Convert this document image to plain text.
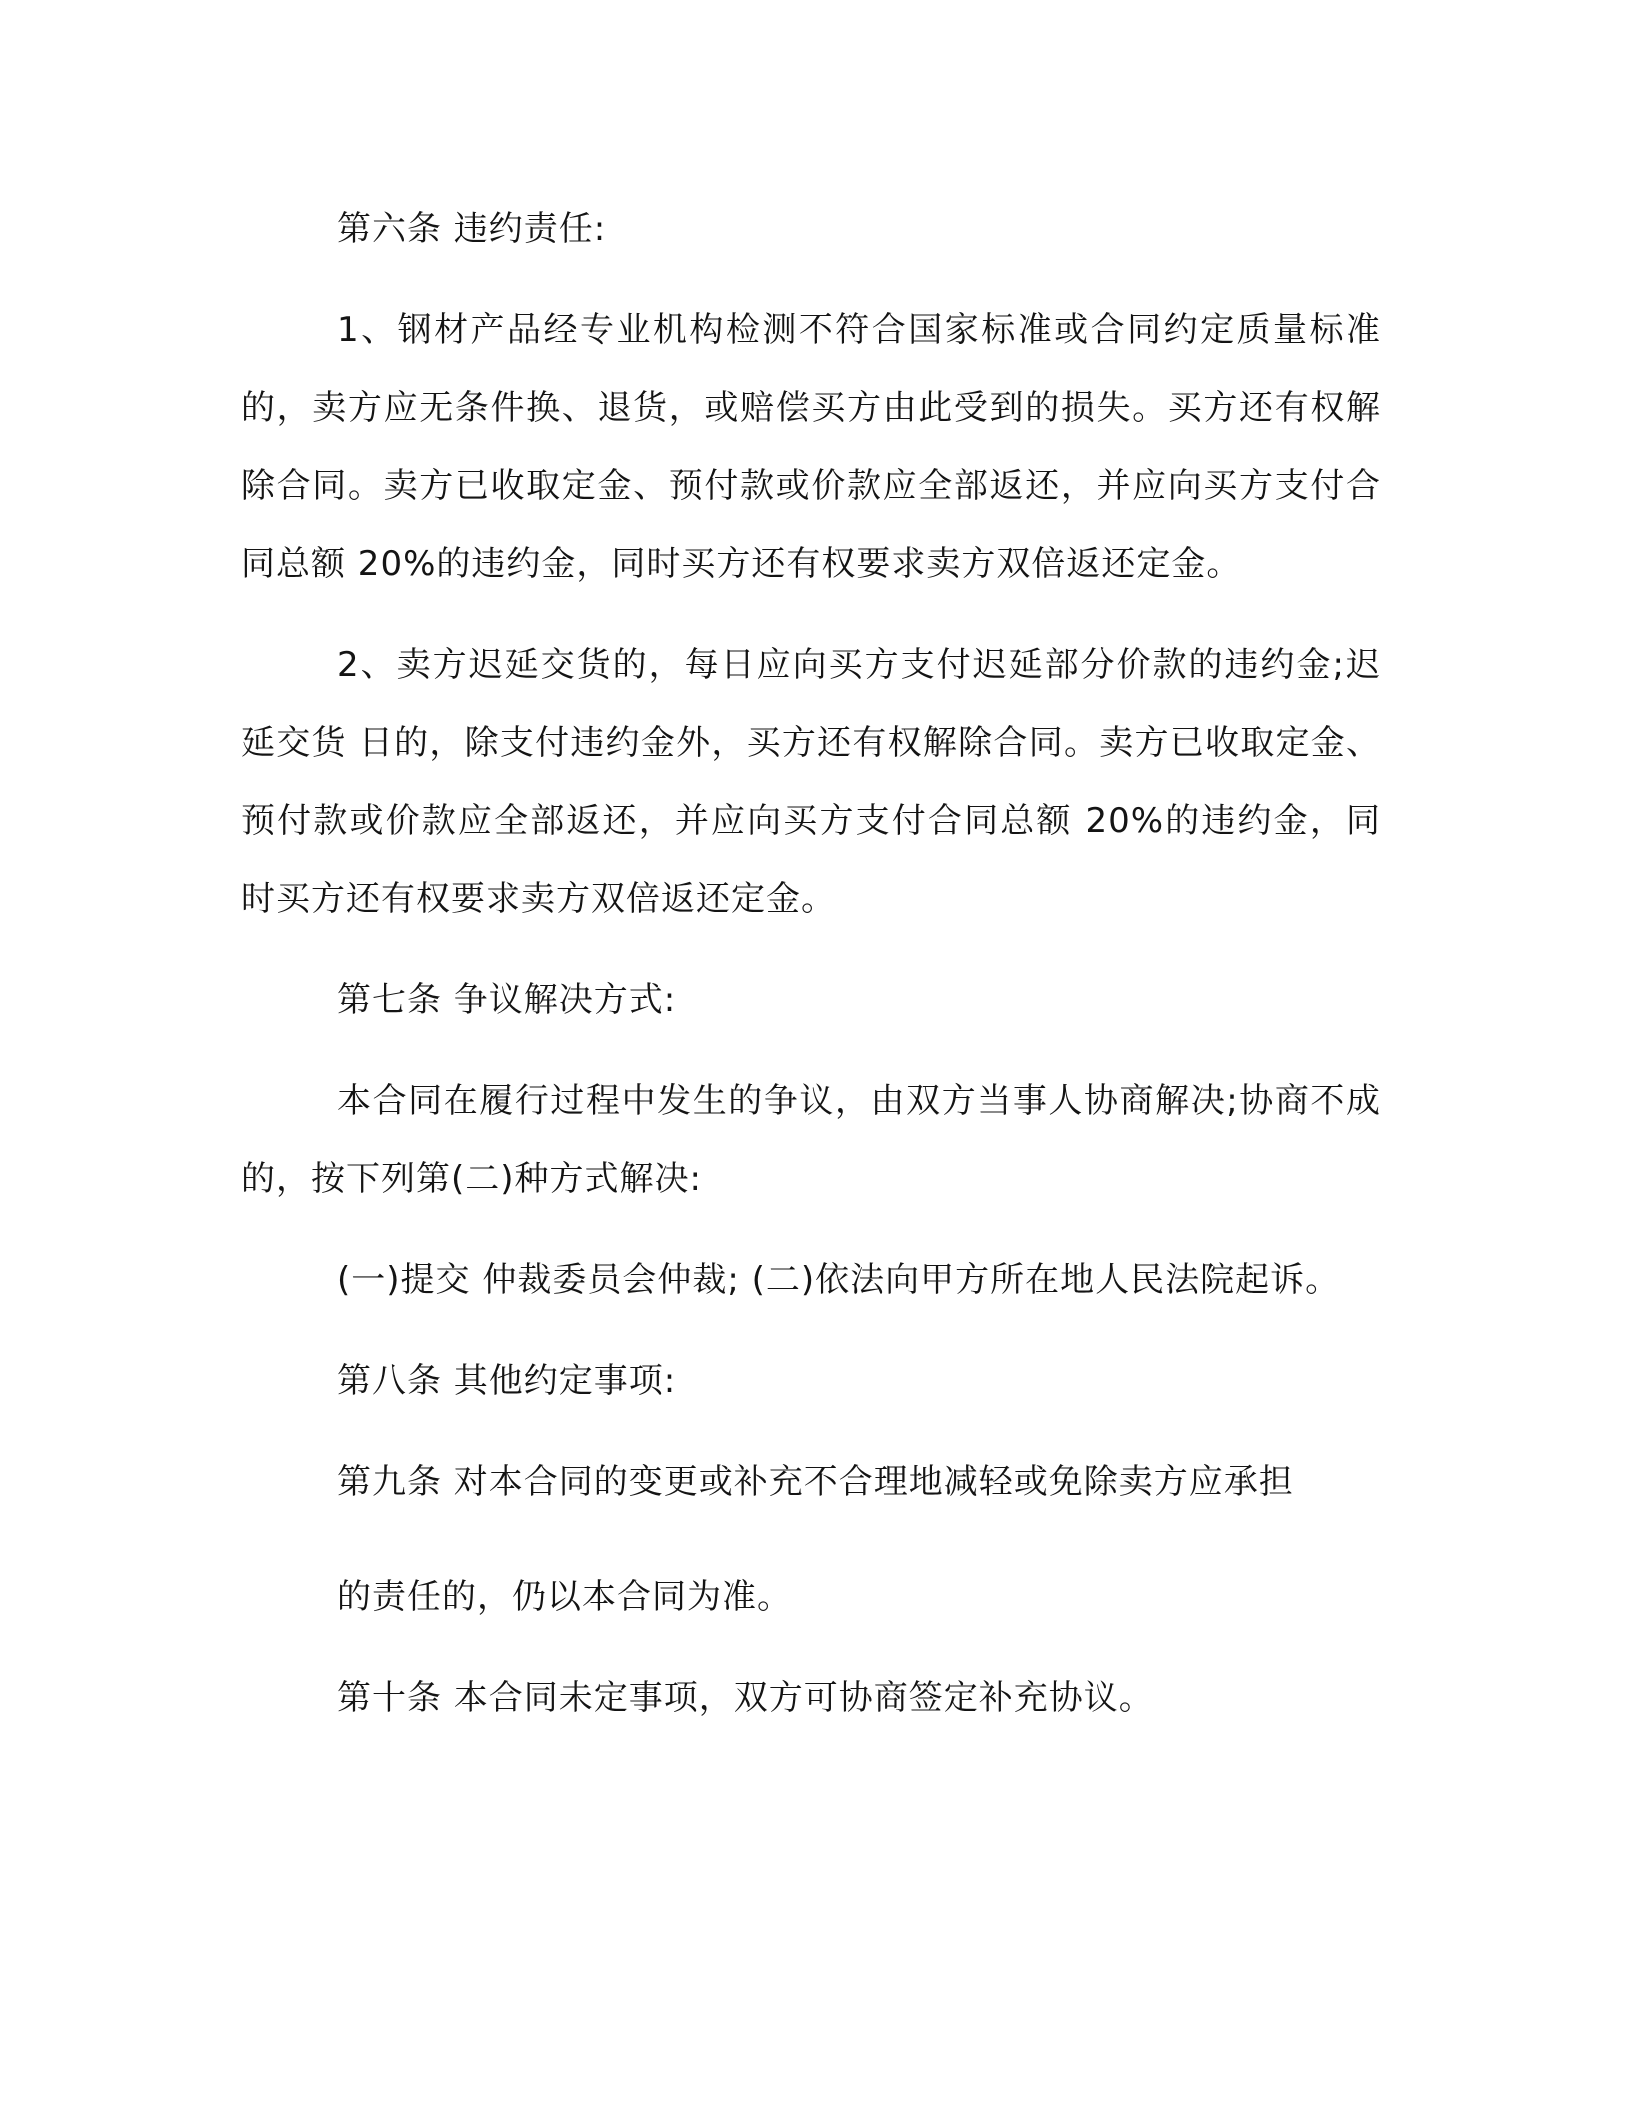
第六条 违约责任:

1、钢材产品经专业机构检测不符合国家标准或合同约定质量标准的，卖方应无条件换、退货，或赔偿买方由此受到的损失。买方还有权解除合同。卖方已收取定金、预付款或价款应全部返还，并应向买方支付合同总额 20%的违约金，同时买方还有权要求卖方双倍返还定金。

2、卖方迟延交货的，每日应向买方支付迟延部分价款的违约金;迟延交货 日的，除支付违约金外，买方还有权解除合同。卖方已收取定金、预付款或价款应全部返还，并应向买方支付合同总额 20%的违约金，同时买方还有权要求卖方双倍返还定金。

第七条 争议解决方式:

本合同在履行过程中发生的争议，由双方当事人协商解决;协商不成的，按下列第(二)种方式解决:

(一)提交 仲裁委员会仲裁; (二)依法向甲方所在地人民法院起诉。

第八条 其他约定事项:

第九条 对本合同的变更或补充不合理地减轻或免除卖方应承担

的责任的，仍以本合同为准。

第十条 本合同未定事项，双方可协商签定补充协议。
